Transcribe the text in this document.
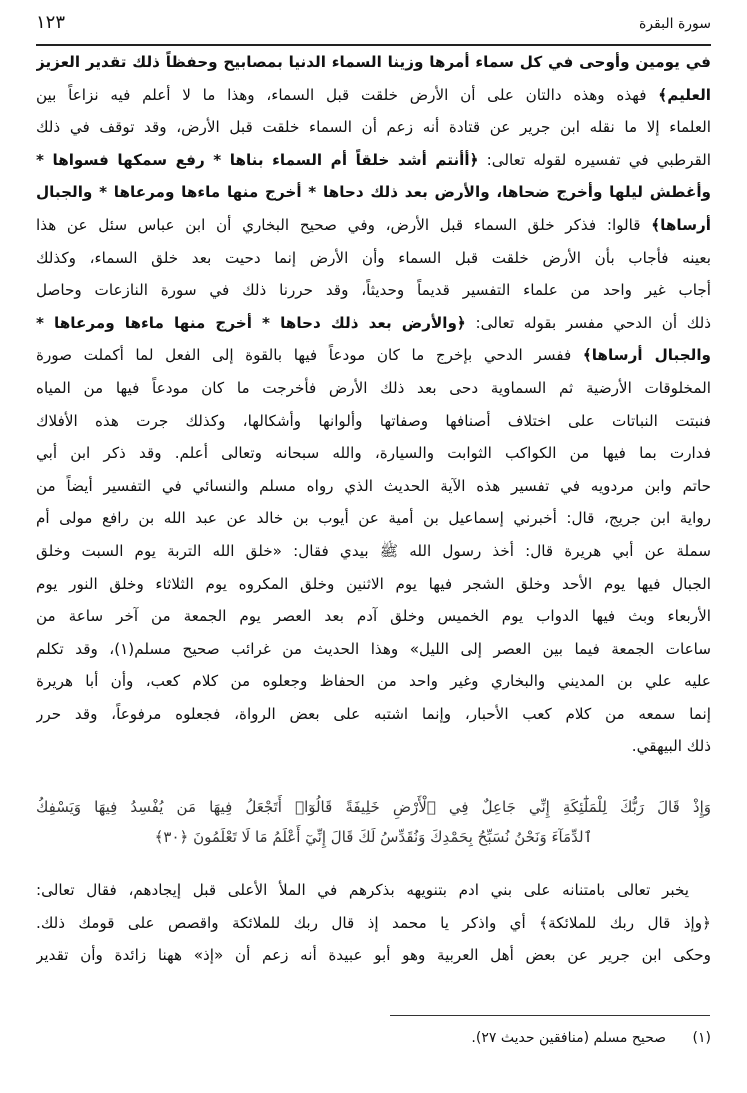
سورة البقرة
١٢٣
في يومين وأوحى في كل سماء أمرها وزينا السماء الدنيا بمصابيح وحفظاً ذلك تقدير العزيز
العليم﴾ فهذه وهذه دالتان على أن الأرض خلقت قبل السماء، وهذا ما لا أعلم فيه نزاعاً بين
العلماء إلا ما نقله ابن جرير عن قتادة أنه زعم أن السماء خلقت قبل الأرض، وقد توقف في ذلك
القرطبي في تفسيره لقوله تعالى: ﴿أأنتم أشد خلقاً أم السماء بناها * رفع سمكها فسواها *
وأغطش ليلها وأخرج ضحاها، والأرض بعد ذلك دحاها * أخرج منها ماءها ومرعاها * والجبال
أرساها﴾ قالوا: فذكر خلق السماء قبل الأرض، وفي صحيح البخاري أن ابن عباس سئل عن هذا
بعينه فأجاب بأن الأرض خلقت قبل السماء وأن الأرض إنما دحيت بعد خلق السماء، وكذلك
أجاب غير واحد من علماء التفسير قديماً وحديثاً، وقد حررنا ذلك في سورة النازعات وحاصل
ذلك أن الدحي مفسر بقوله تعالى: ﴿والأرض بعد ذلك دحاها * أخرج منها ماءها ومرعاها *
والجبال أرساها﴾ ففسر الدحي بإخرج ما كان مودعاً فيها بالقوة إلى الفعل لما أكملت صورة
المخلوقات الأرضية ثم السماوية دحى بعد ذلك الأرض فأخرجت ما كان مودعاً فيها من المياه
فنبتت النباتات على اختلاف أصنافها وصفاتها وألوانها وأشكالها، وكذلك جرت هذه الأفلاك
فدارت بما فيها من الكواكب الثوابت والسيارة، والله سبحانه وتعالى أعلم. وقد ذكر ابن أبي
حاتم وابن مردويه في تفسير هذه الآية الحديث الذي رواه مسلم والنسائي في التفسير أيضاً من
رواية ابن جريج، قال: أخبرني إسماعيل بن أمية عن أيوب بن خالد عن عبد الله بن رافع مولى أم
سملة عن أبي هريرة قال: أخذ رسول الله ﷺ بيدي فقال: «خلق الله التربة يوم السبت وخلق
الجبال فيها يوم الأحد وخلق الشجر فيها يوم الاثنين وخلق المكروه يوم الثلاثاء وخلق النور يوم
الأربعاء وبث فيها الدواب يوم الخميس وخلق آدم بعد العصر يوم الجمعة من آخر ساعة من
ساعات الجمعة فيما بين العصر إلى الليل» وهذا الحديث من غرائب صحيح مسلم(١)، وقد تكلم
عليه علي بن المديني والبخاري وغير واحد من الحفاظ وجعلوه من كلام كعب، وأن أبا هريرة
إنما سمعه من كلام كعب الأحبار، وإنما اشتبه على بعض الرواة، فجعلوه مرفوعاً، وقد حرر
ذلك البيهقي.
وَإِذْ قَالَ رَبُّكَ لِلْمَلَٰٓئِكَةِ إِنِّي جَاعِلٌ فِي ٱلْأَرْضِ خَلِيفَةً قَالُوٓا۟ أَتَجْعَلُ فِيهَا مَن يُفْسِدُ فِيهَا وَيَسْفِكُ
ٱلدِّمَآءَ وَنَحْنُ نُسَبِّحُ بِحَمْدِكَ وَنُقَدِّسُ لَكَ قَالَ إِنِّيٓ أَعْلَمُ مَا لَا تَعْلَمُونَ ﴿٣٠﴾
يخبر تعالى بامتنانه على بني ادم بتنويهه بذكرهم في الملأ الأعلى قبل إيجادهم، فقال تعالى:
﴿وإذ قال ربك للملائكة﴾ أي واذكر يا محمد إذ قال ربك للملائكة واقصص على قومك ذلك.
وحكى ابن جرير عن بعض أهل العربية وهو أبو عبيدة أنه زعم أن «إذ» ههنا زائدة وأن تقدير
(١) صحيح مسلم (منافقين حديث ٢٧).
